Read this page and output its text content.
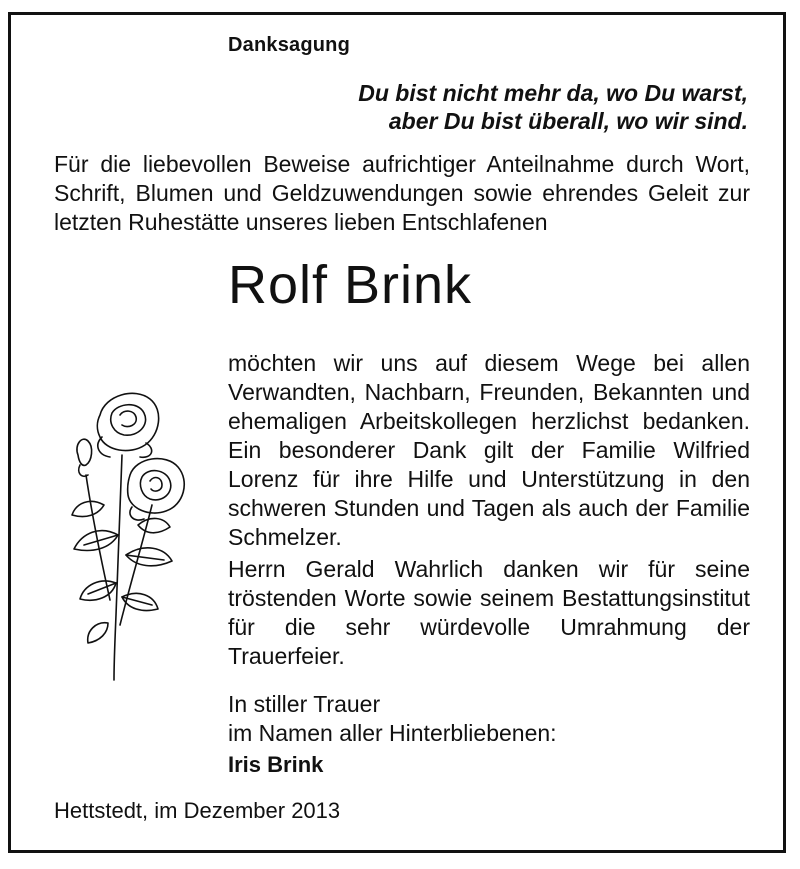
Danksagung
Du bist nicht mehr da, wo Du warst,
aber Du bist überall, wo wir sind.
Für die liebevollen Beweise aufrichtiger Anteilnahme durch Wort, Schrift, Blumen und Geldzuwendungen sowie ehrendes Geleit zur letzten Ruhestätte unseres lieben Entschlafenen
Rolf Brink
möchten wir uns auf diesem Wege bei allen Verwandten, Nachbarn, Freunden, Bekannten und ehemaligen Arbeitskollegen herzlichst bedanken. Ein besonderer Dank gilt der Familie Wilfried Lorenz für ihre Hilfe und Unterstützung in den schweren Stunden und Tagen als auch der Familie Schmelzer.
Herrn Gerald Wahrlich danken wir für seine tröstenden Worte sowie seinem Bestattungsinstitut für die sehr würdevolle Umrahmung der Trauerfeier.
In stiller Trauer
im Namen aller Hinterbliebenen:
Iris Brink
Hettstedt, im Dezember 2013
